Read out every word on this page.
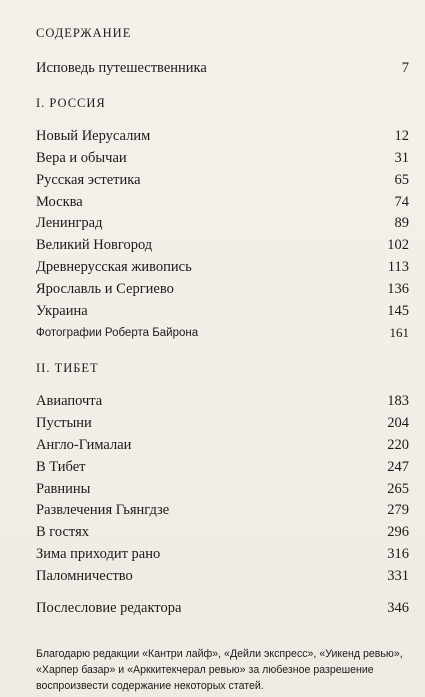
СОДЕРЖАНИЕ
Исповедь путешественника	7
I. РОССИЯ
Новый Иерусалим	12
Вера и обычаи	31
Русская эстетика	65
Москва	74
Ленинград	89
Великий Новгород	102
Древнерусская живопись	113
Ярославль и Сергиево	136
Украина	145
Фотографии Роберта Байрона	161
II. ТИБЕТ
Авиапочта	183
Пустыни	204
Англо-Гималаи	220
В Тибет	247
Равнины	265
Развлечения Гьянгдзе	279
В гостях	296
Зима приходит рано	316
Паломничество	331
Послесловие редактора	346
Благодарю редакции «Кантри лайф», «Дейли экспресс», «Уикенд ревью», «Харпер базар» и «Арккитекчерал ревью» за любезное разрешение воспроизвести содержание некоторых статей.
